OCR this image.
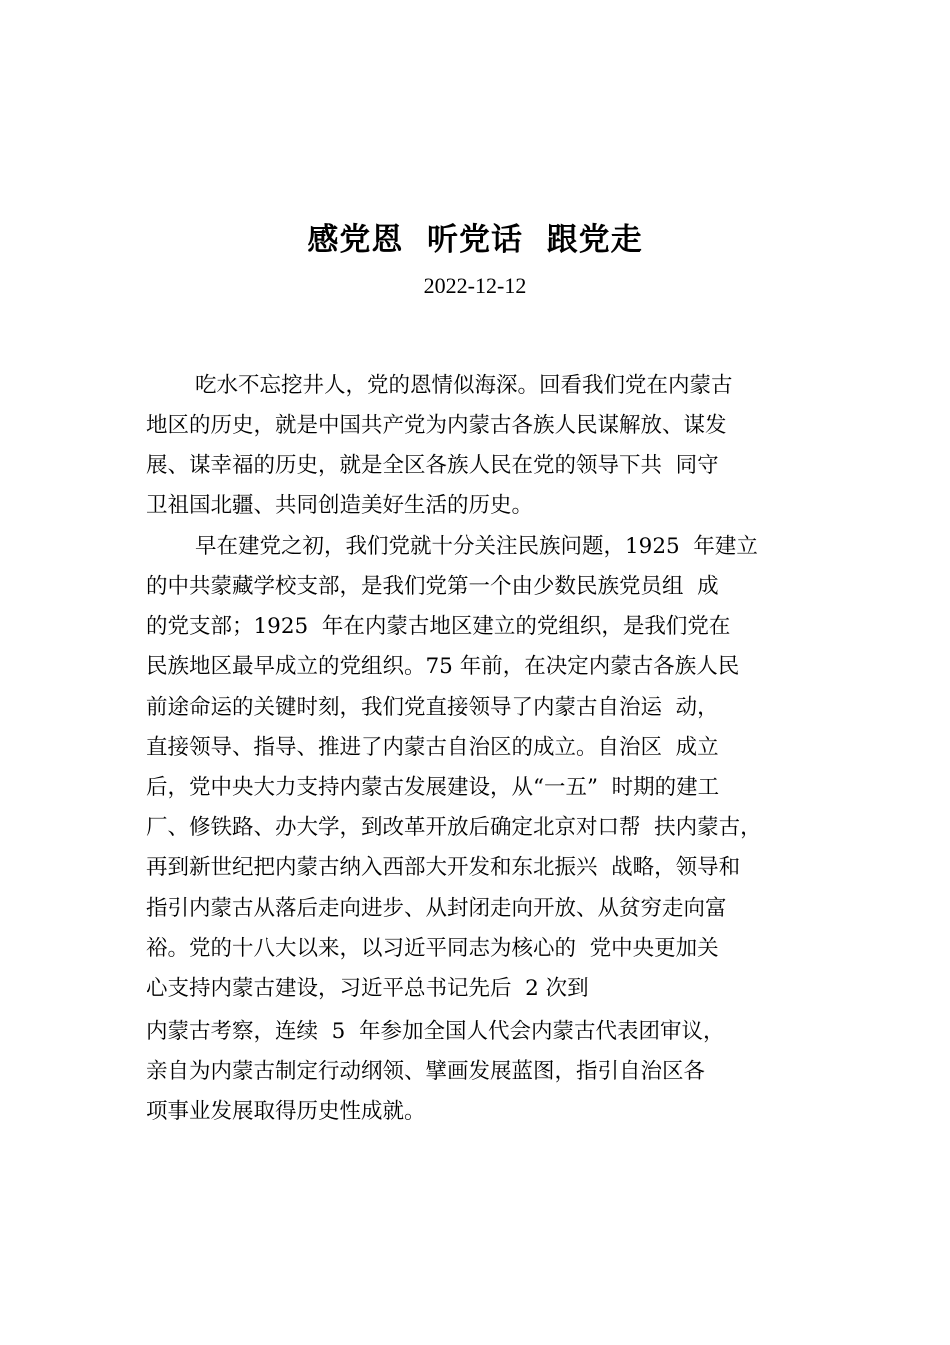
感党恩  听党话  跟党走
2022-12-12
吃水不忘挖井人，党的恩情似海深。回看我们党在内蒙古
地区的历史，就是中国共产党为内蒙古各族人民谋解放、谋发
展、谋幸福的历史，就是全区各族人民在党的领导下共  同守
卫祖国北疆、共同创造美好生活的历史。
早在建党之初，我们党就十分关注民族问题，1925  年建立
的中共蒙藏学校支部，是我们党第一个由少数民族党员组  成
的党支部；1925  年在内蒙古地区建立的党组织，是我们党在
民族地区最早成立的党组织。75 年前，在决定内蒙古各族人民
前途命运的关键时刻，我们党直接领导了内蒙古自治运  动，
直接领导、指导、推进了内蒙古自治区的成立。自治区  成立
后，党中央大力支持内蒙古发展建设，从“一五”  时期的建工
厂、修铁路、办大学，到改革开放后确定北京对口帮  扶内蒙古，
再到新世纪把内蒙古纳入西部大开发和东北振兴  战略，领导和
指引内蒙古从落后走向进步、从封闭走向开放、从贫穷走向富
裕。党的十八大以来，以习近平同志为核心的  党中央更加关
心支持内蒙古建设，习近平总书记先后  2 次到
内蒙古考察，连续  5  年参加全国人代会内蒙古代表团审议，
亲自为内蒙古制定行动纲领、擘画发展蓝图，指引自治区各
项事业发展取得历史性成就。
